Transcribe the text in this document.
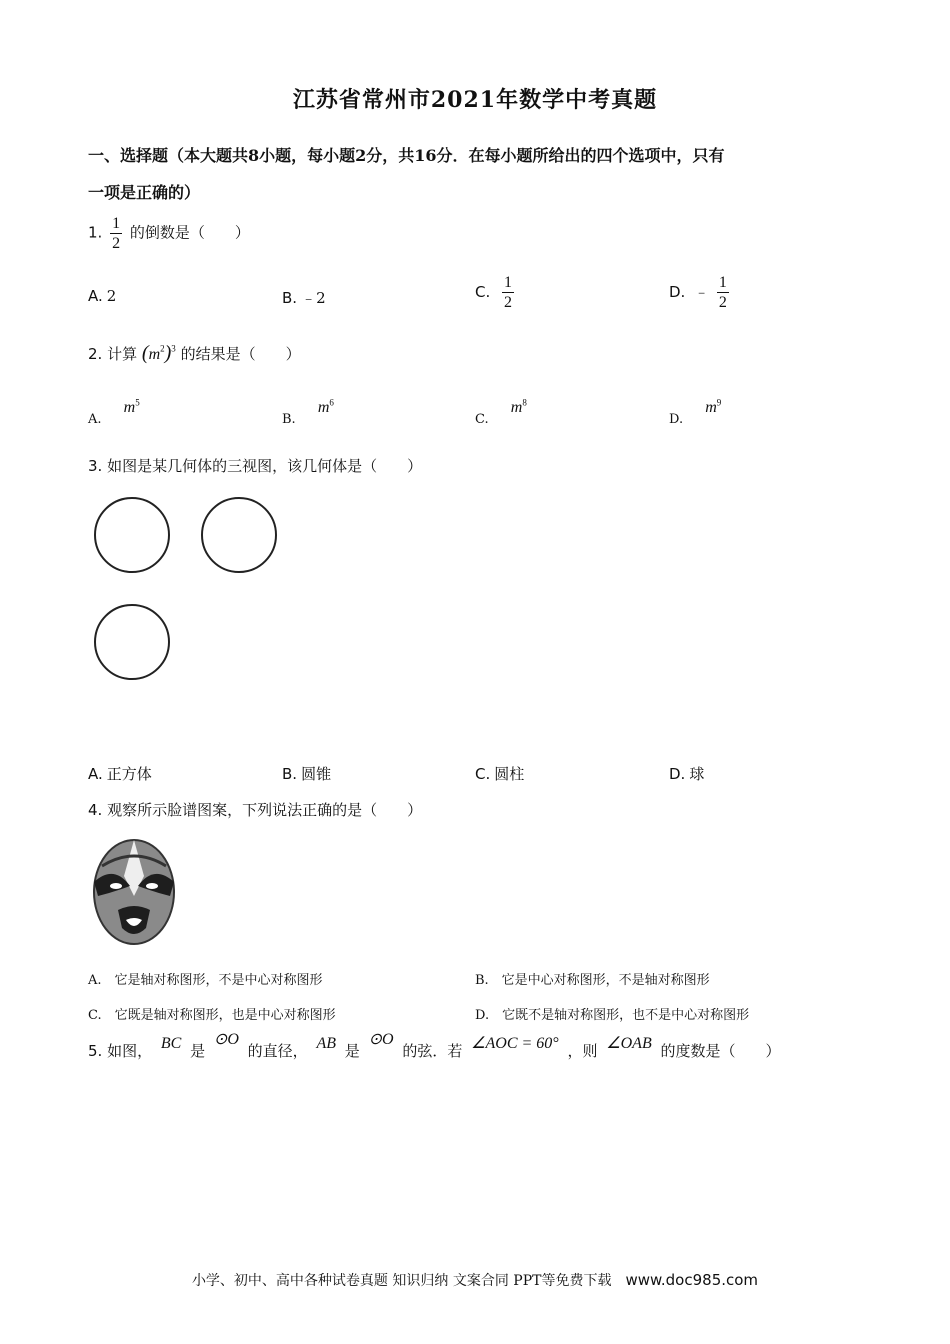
江苏省常州市2021年数学中考真题
一、选择题（本大题共8小题，每小题2分，共16分．在每小题所给出的四个选项中，只有
一项是正确的）
1. $\frac{1}{2}$ 的倒数是（　　）
A. 2	B. ﹣2	C. $\frac{1}{2}$	D. ﹣ $\frac{1}{2}$
2. 计算 $(m^2)^3$ 的结果是（　　）
A. $m^5$
B. $m^6$
C. $m^8$
D. $m^9$
3. 如图是某几何体的三视图，该几何体是（　　）
A. 正方体	B. 圆锥	C. 圆柱	D. 球
4. 观察所示脸谱图案，下列说法正确的是（　　）
A.　它是轴对称图形，不是中心对称图形	B.　它是中心对称图形，不是轴对称图形
C.　它既是轴对称图形，也是中心对称图形	D.　它既不是轴对称图形，也不是中心对称图形
5. 如图， BC 是 ⊙O 的直径， AB 是 ⊙O 的弦．若 ∠AOC = 60° ，则 ∠OAB 的度数是（　　）
小学、初中、高中各种试卷真题 知识归纳 文案合同 PPT等免费下载 www.doc985.com
